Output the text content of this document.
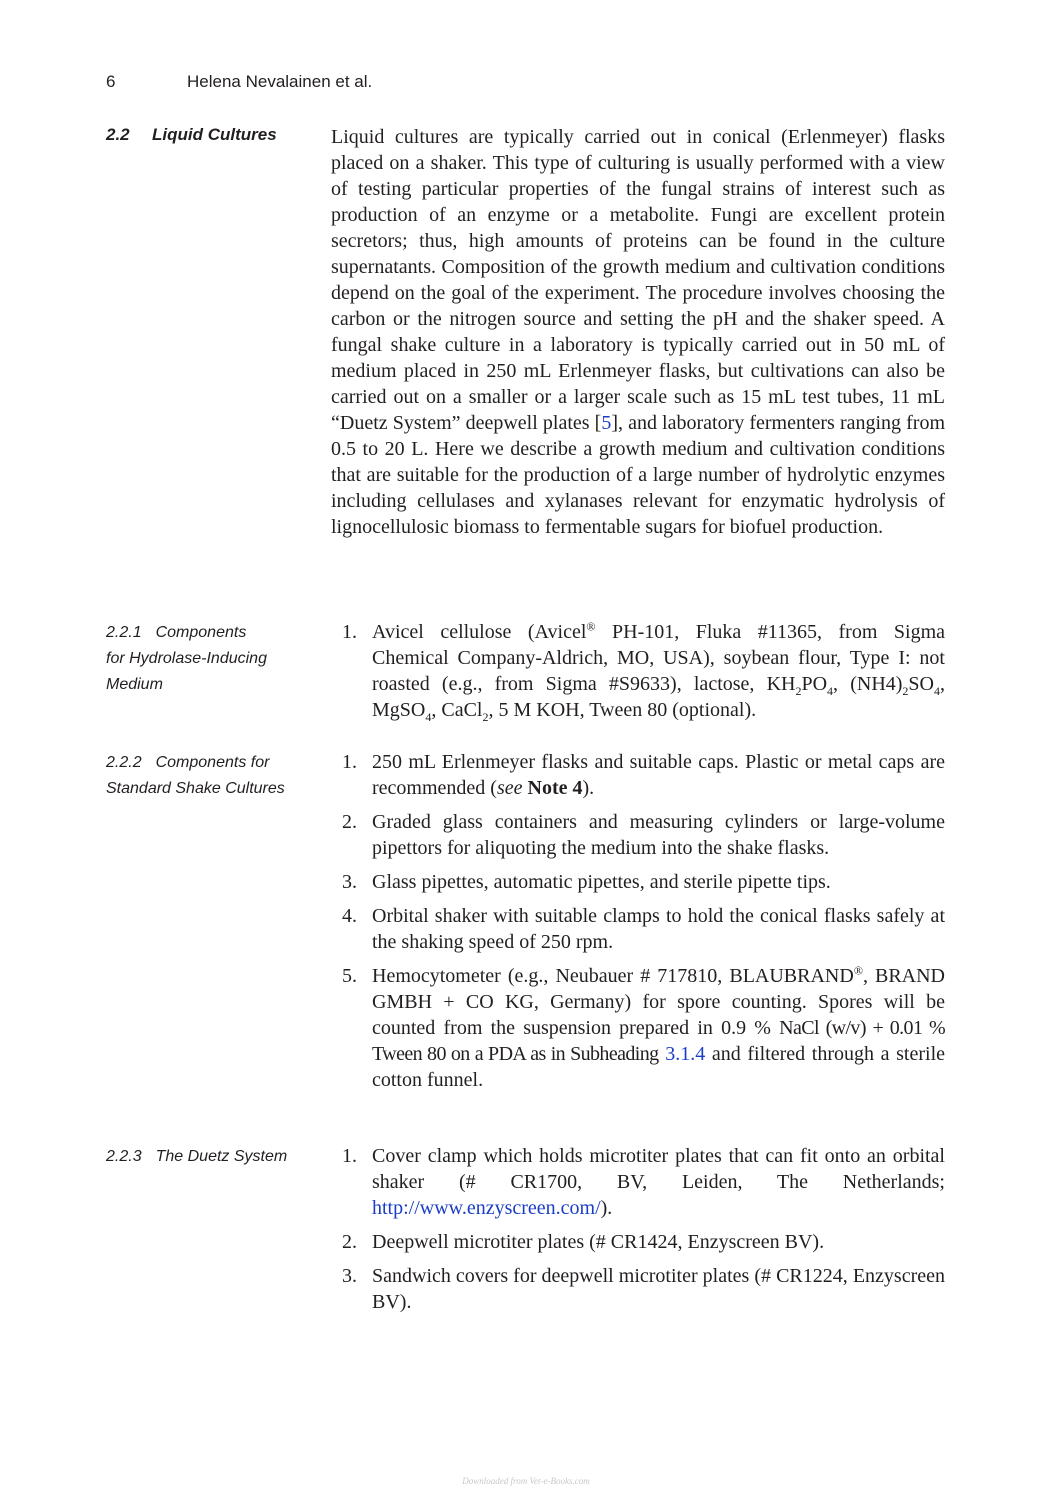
6	Helena Nevalainen et al.
2.2 Liquid Cultures	Liquid cultures are typically carried out in conical (Erlenmeyer) flasks placed on a shaker. This type of culturing is usually performed with a view of testing particular properties of the fungal strains of interest such as production of an enzyme or a metabolite. Fungi are excellent protein secretors; thus, high amounts of proteins can be found in the culture supernatants. Composition of the growth medium and cultivation conditions depend on the goal of the experiment. The procedure involves choosing the carbon or the nitrogen source and setting the pH and the shaker speed. A fungal shake culture in a laboratory is typically carried out in 50 mL of medium placed in 250 mL Erlenmeyer flasks, but cultivations can also be carried out on a smaller or a larger scale such as 15 mL test tubes, 11 mL “Duetz System” deepwell plates [5], and laboratory fermenters ranging from 0.5 to 20 L. Here we describe a growth medium and cultivation conditions that are suitable for the production of a large number of hydrolytic enzymes including cellulases and xylanases relevant for enzymatic hydrolysis of lignocellulosic biomass to fermentable sugars for biofuel production.

2.2.1 Components
for Hydrolase-Inducing
Medium
1. Avicel cellulose (Avicel® PH-101, Fluka #11365, from Sigma Chemical Company-Aldrich, MO, USA), soybean flour, Type I: not roasted (e.g., from Sigma #S9633), lactose, $KH_2PO_4$, $(NH4)_2SO_4$, MgSO$_4$, CaCl$_2$, 5 M KOH, Tween 80 (optional).
2.2.2 Components for
Standard Shake Cultures
1. 250 mL Erlenmeyer flasks and suitable caps. Plastic or metal caps are recommended (see Note 4).
2. Graded glass containers and measuring cylinders or large-volume pipettors for aliquoting the medium into the shake flasks.
3. Glass pipettes, automatic pipettes, and sterile pipette tips.
4. Orbital shaker with suitable clamps to hold the conical flasks safely at the shaking speed of 250 rpm.
5. Hemocytometer (e.g., Neubauer # 717810, BLAUBRAND®, BRAND GMBH + CO KG, Germany) for spore counting. Spores will be counted from the suspension prepared in 0.9 % NaCl (w/v) + 0.01 % Tween 80 on a PDA as in Subheading 3.1.4 and filtered through a sterile cotton funnel.
2.2.3 The Duetz System	1. Cover clamp which holds microtiter plates that can fit onto an orbital shaker (# CR1700, BV, Leiden, The Netherlands; http://www.enzyscreen.com/).
2. Deepwell microtiter plates (# CR1424, Enzyscreen BV).
3. Sandwich covers for deepwell microtiter plates (# CR1224, Enzyscreen BV).
Downloaded from Vet-e-Books.com
